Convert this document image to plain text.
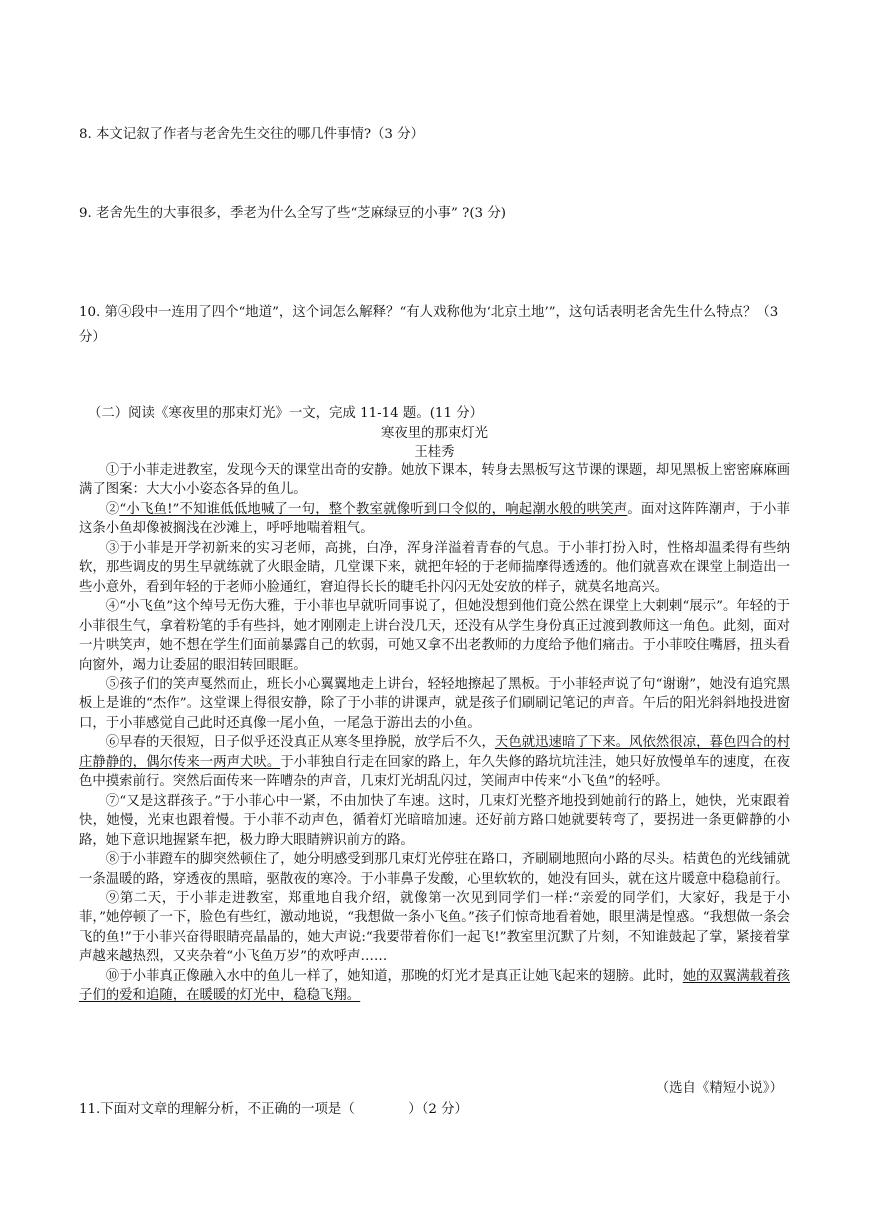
8. 本文记叙了作者与老舍先生交往的哪几件事情?（3 分）
9. 老舍先生的大事很多，季老为什么全写了些“芝麻绿豆的小事” ?(3 分)
10. 第④段中一连用了四个“地道”，这个词怎么解释？“有人戏称他为‘北京土地’”，这句话表明老舍先生什么特点？（3 分）
（二）阅读《寒夜里的那束灯光》一文，完成 11-14 题。(11 分）
寒夜里的那束灯光
王桂秀

①于小菲走进教室，发现今天的课堂出奇的安静。她放下课本，转身去黑板写这节课的课题，却见黑板上密密麻麻画满了图案：大大小小姿态各异的鱼儿。

②“小飞鱼!”不知谁低低地喊了一句，整个教室就像听到口令似的，响起潮水般的哄笑声。面对这阵阵潮声，于小菲这条小鱼却像被搁浅在沙滩上，呼呼地喘着粗气。

③于小菲是开学初新来的实习老师，高挑，白净，浑身洋溢着青春的气息。于小菲打扮入时，性格却温柔得有些纳软，那些调皮的男生早就练就了火眼金睛，几堂课下来，就把年轻的于老师揣摩得透透的。他们就喜欢在课堂上制造出一些小意外，看到年轻的于老师小脸通红，窘迫得长长的睫毛扑闪闪无处安放的样子，就莫名地高兴。

④“小飞鱼”这个绰号无伤大雅，于小菲也早就听同事说了，但她没想到他们竟公然在课堂上大剌剌“展示”。年轻的于小菲很生气，拿着粉笔的手有些抖，她才刚刚走上讲台没几天，还没有从学生身份真正过渡到教师这一角色。此刻，面对一片哄笑声，她不想在学生们面前暴露自己的软弱，可她又拿不出老教师的力度给予他们痛击。于小菲咬住嘴唇，扭头看向窗外，竭力让委屈的眼泪转回眼眶。

⑤孩子们的笑声戛然而止，班长小心翼翼地走上讲台，轻轻地擦起了黑板。于小菲轻声说了句“谢谢”，她没有追究黑板上是谁的“杰作”。这堂课上得很安静，除了于小菲的讲课声，就是孩子们刷刷记笔记的声音。午后的阳光斜斜地投进窗口，于小菲感觉自己此时还真像一尾小鱼，一尾急于游出去的小鱼。

⑥早春的天很短，日子似乎还没真正从寒冬里挣脱，放学后不久，天色就迅速暗了下来。风依然很凉，暮色四合的村庄静静的，偶尔传来一两声犬吠。于小菲独自行走在回家的路上，年久失修的路坑坑洼洼，她只好放慢单车的速度，在夜色中摸索前行。突然后面传来一阵嘈杂的声音，几束灯光胡乱闪过，笑闹声中传来“小飞鱼”的轻呼。

⑦“又是这群孩子。”于小菲心中一紧，不由加快了车速。这时，几束灯光整齐地投到她前行的路上，她快，光束跟着快，她慢，光束也跟着慢。于小菲不动声色，循着灯光暗暗加速。还好前方路口她就要转弯了，要拐进一条更僻静的小路，她下意识地握紧车把，极力睁大眼睛辨识前方的路。

⑧于小菲蹬车的脚突然顿住了，她分明感受到那几束灯光停驻在路口，齐刷刷地照向小路的尽头。桔黄色的光线铺就一条温暖的路，穿透夜的黑暗，驱散夜的寒冷。于小菲鼻子发酸，心里软软的，她没有回头，就在这片暖意中稳稳前行。

⑨第二天，于小菲走进教室，郑重地自我介绍，就像第一次见到同学们一样:“亲爱的同学们，大家好，我是于小菲，”她停顿了一下，脸色有些红，激动地说，“我想做一条小飞鱼。”孩子们惊奇地看着她，眼里满是惶惑。“我想做一条会飞的鱼!”于小菲兴奋得眼睛亮晶晶的，她大声说:“我要带着你们一起飞!”教室里沉默了片刻，不知谁鼓起了掌，紧接着掌声越来越热烈，又夹杂着“小飞鱼万岁”的欢呼声……

⑩于小菲真正像融入水中的鱼儿一样了，她知道，那晚的灯光才是真正让她飞起来的翅膀。此时，她的双翼满载着孩子们的爱和追随，在暖暖的灯光中，稳稳飞翔。

（选自《精短小说》）
11.下面对文章的理解分析，不正确的一项是（　　　　）（2 分）
